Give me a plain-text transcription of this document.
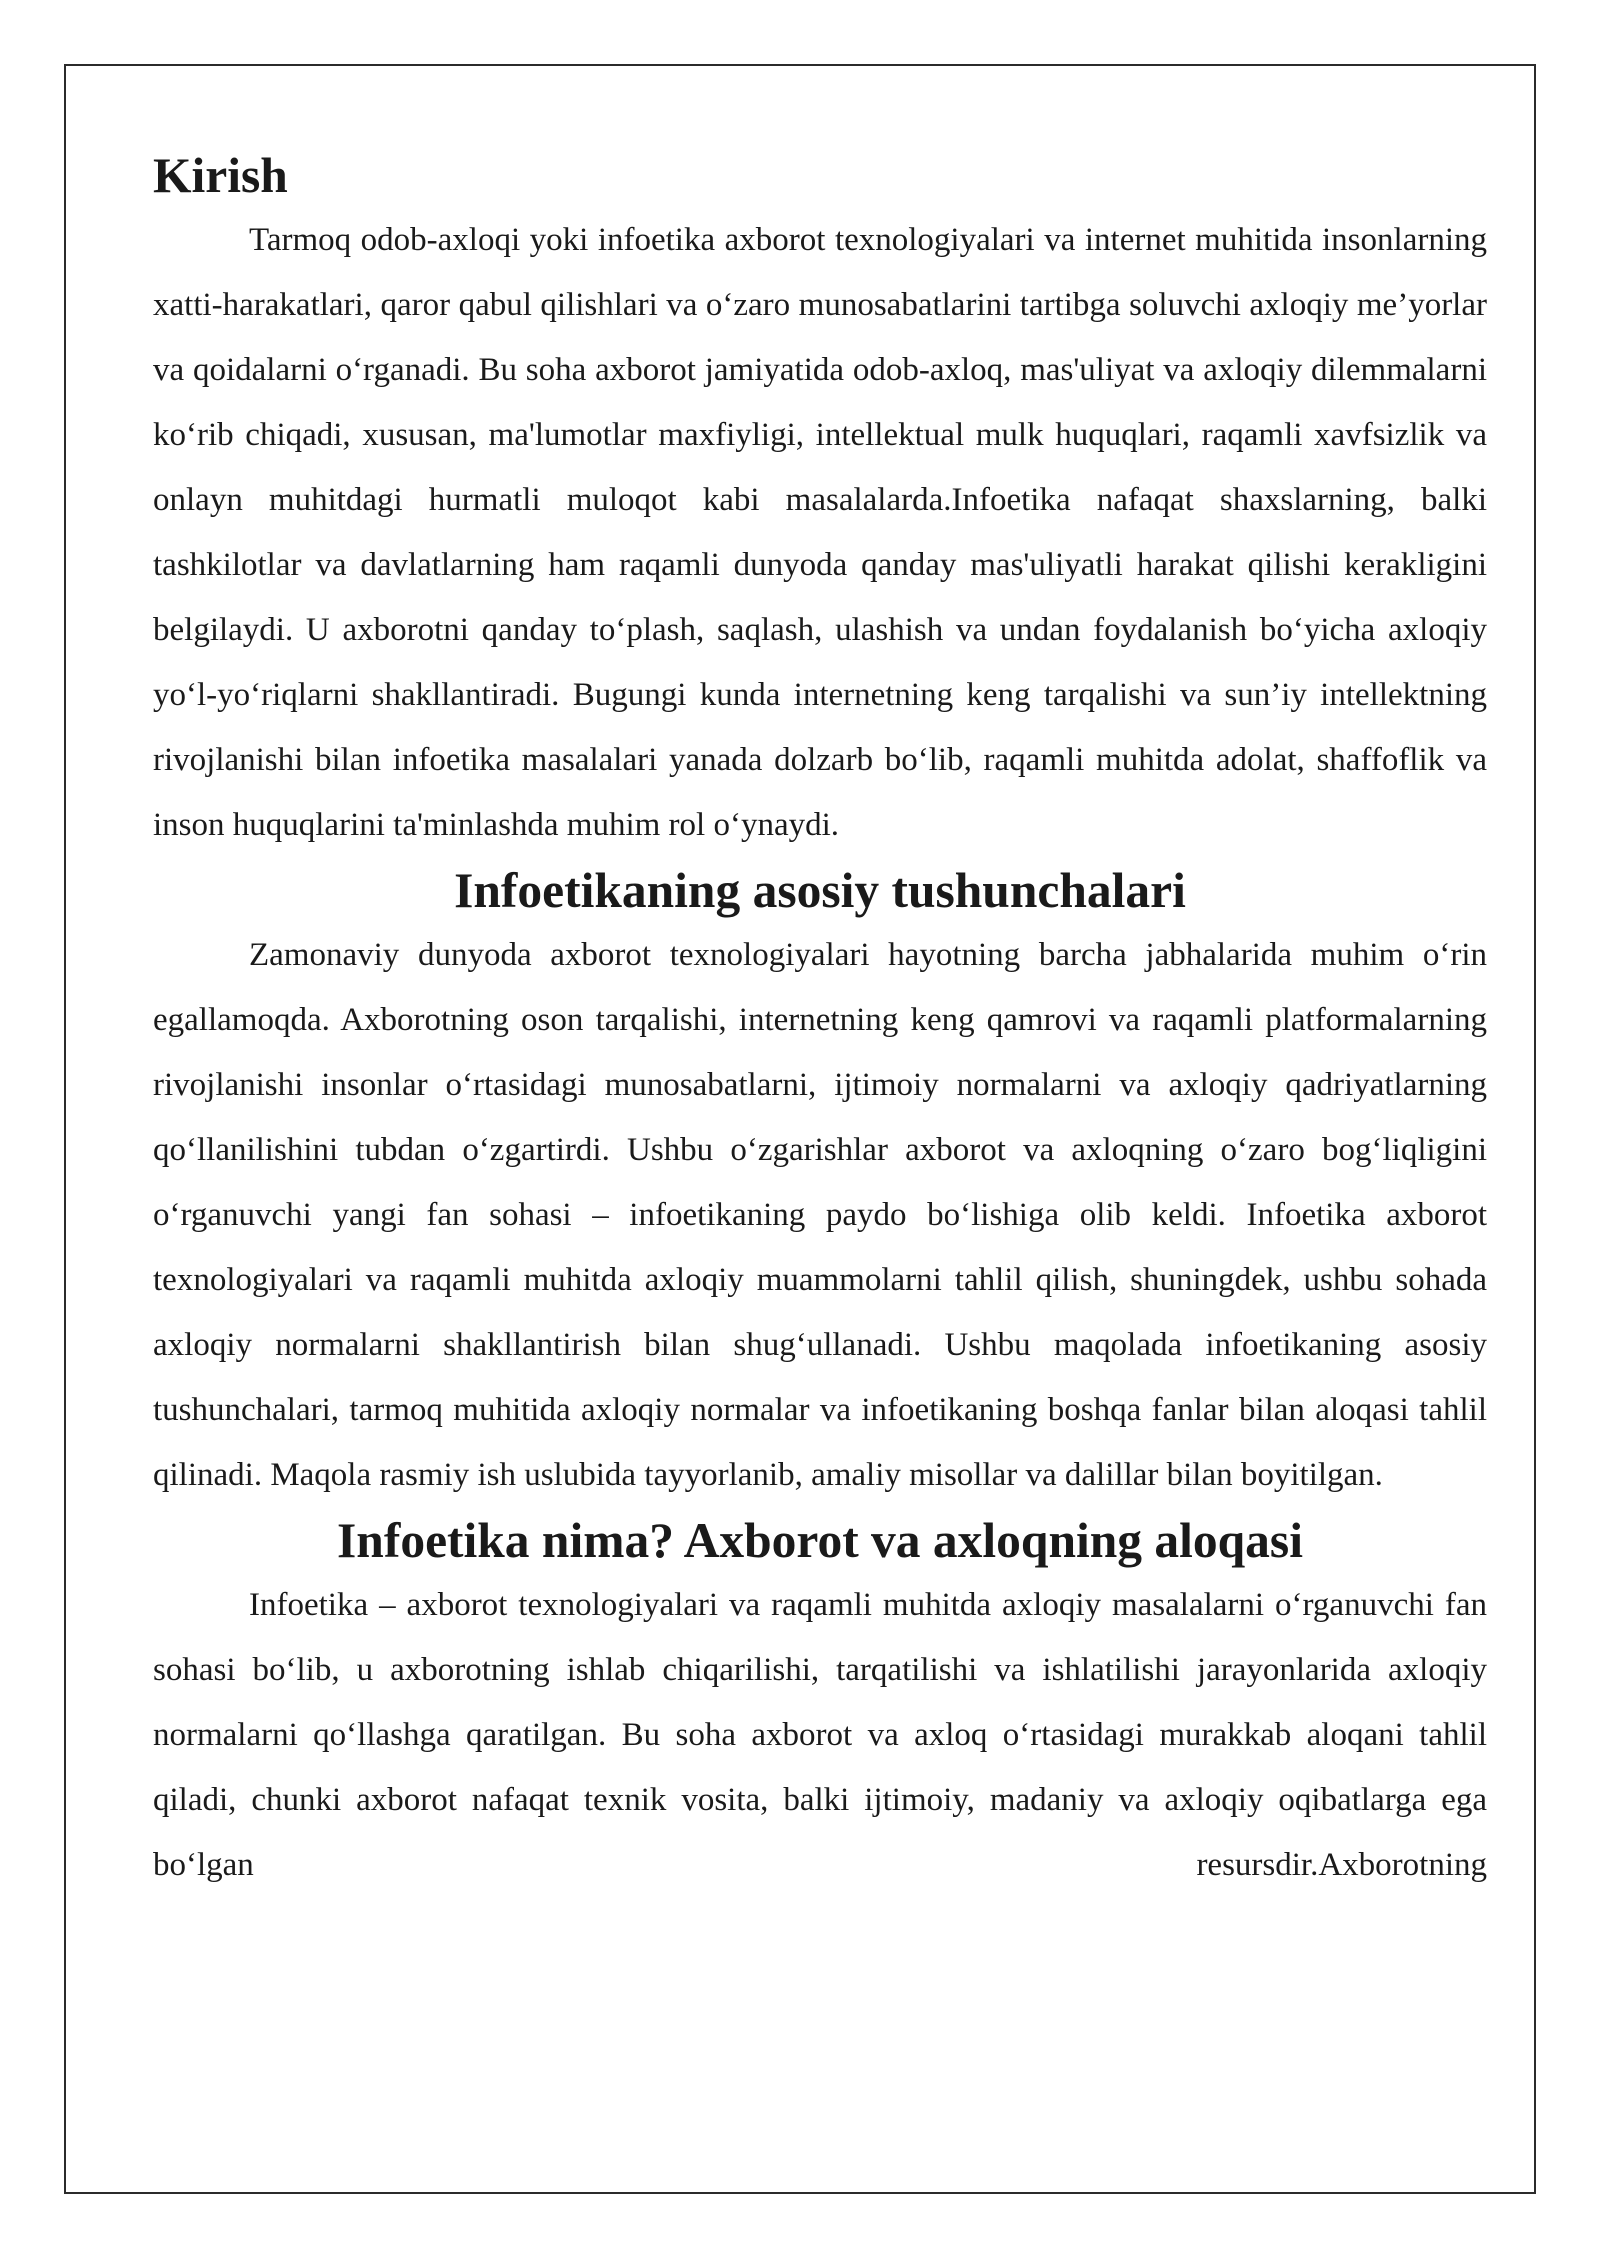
Kirish

Tarmoq odob-axloqi yoki infoetika axborot texnologiyalari va internet muhitida insonlarning xatti-harakatlari, qaror qabul qilishlari va o‘zaro munosabatlarini tartibga soluvchi axloqiy me’yorlar va qoidalarni o‘rganadi. Bu soha axborot jamiyatida odob-axloq, mas'uliyat va axloqiy dilemmalarni ko‘rib chiqadi, xususan, ma'lumotlar maxfiyligi, intellektual mulk huquqlari, raqamli xavfsizlik va onlayn muhitdagi hurmatli muloqot kabi masalalarda.Infoetika nafaqat shaxslarning, balki tashkilotlar va davlatlarning ham raqamli dunyoda qanday mas'uliyatli harakat qilishi kerakligini belgilaydi. U axborotni qanday to‘plash, saqlash, ulashish va undan foydalanish bo‘yicha axloqiy yo‘l-yo‘riqlarni shakllantiradi. Bugungi kunda internetning keng tarqalishi va sun’iy intellektning rivojlanishi bilan infoetika masalalari yanada dolzarb bo‘lib, raqamli muhitda adolat, shaffoflik va inson huquqlarini ta'minlashda muhim rol o‘ynaydi.

Infoetikaning asosiy tushunchalari

Zamonaviy dunyoda axborot texnologiyalari hayotning barcha jabhalarida muhim o‘rin egallamoqda. Axborotning oson tarqalishi, internetning keng qamrovi va raqamli platformalarning rivojlanishi insonlar o‘rtasidagi munosabatlarni, ijtimoiy normalarni va axloqiy qadriyatlarning qo‘llanilishini tubdan o‘zgartirdi. Ushbu o‘zgarishlar axborot va axloqning o‘zaro bog‘liqligini o‘rganuvchi yangi fan sohasi – infoetikaning paydo bo‘lishiga olib keldi. Infoetika axborot texnologiyalari va raqamli muhitda axloqiy muammolarni tahlil qilish, shuningdek, ushbu sohada axloqiy normalarni shakllantirish bilan shug‘ullanadi. Ushbu maqolada infoetikaning asosiy tushunchalari, tarmoq muhitida axloqiy normalar va infoetikaning boshqa fanlar bilan aloqasi tahlil qilinadi. Maqola rasmiy ish uslubida tayyorlanib, amaliy misollar va dalillar bilan boyitilgan.

Infoetika nima? Axborot va axloqning aloqasi

Infoetika – axborot texnologiyalari va raqamli muhitda axloqiy masalalarni o‘rganuvchi fan sohasi bo‘lib, u axborotning ishlab chiqarilishi, tarqatilishi va ishlatilishi jarayonlarida axloqiy normalarni qo‘llashga qaratilgan. Bu soha axborot va axloq o‘rtasidagi murakkab aloqani tahlil qiladi, chunki axborot nafaqat texnik vosita, balki ijtimoiy, madaniy va axloqiy oqibatlarga ega bo‘lgan resursdir.Axborotning
